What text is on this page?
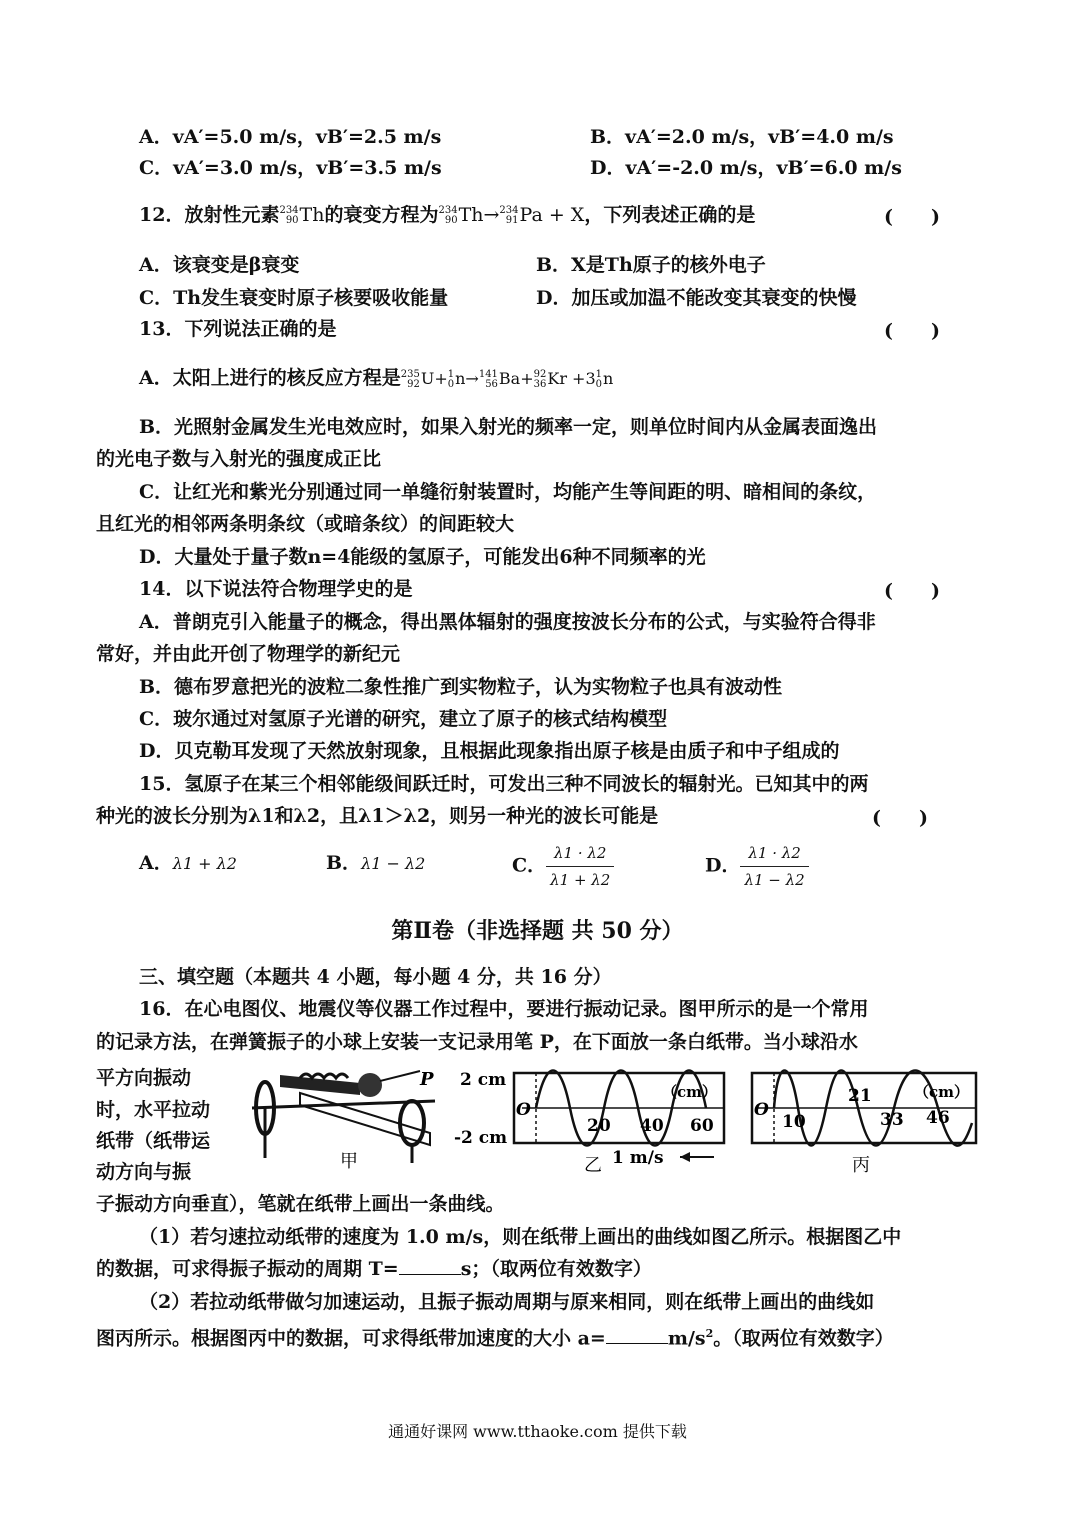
A．vA′=5.0 m/s，vB′=2.5 m/s	B．vA′=2.0 m/s，vB′=4.0 m/s
C．vA′=3.0 m/s，vB′=3.5 m/s	D．vA′=-2.0 m/s，vB′=6.0 m/s
12．放射性元素 234
90 Th的衰变方程为 234
90 Th→ 234
91 Pa + X，下列表述正确的是	(　　)
A．该衰变是β衰变	B．X是Th原子的核外电子
C．Th发生衰变时原子核要吸收能量	D．加压或加温不能改变其衰变的快慢
13．下列说法正确的是	(　　)
A．太阳上进行的核反应方程是 235
92 U+ 1
0 n→ 141
56 Ba+ 92
36 Kr +3 1
0 n
B．光照射金属发生光电效应时，如果入射光的频率一定，则单位时间内从金属表面逸出
的光电子数与入射光的强度成正比
C．让红光和紫光分别通过同一单缝衍射装置时，均能产生等间距的明、暗相间的条纹，
且红光的相邻两条明条纹（或暗条纹）的间距较大
D．大量处于量子数n=4能级的氢原子，可能发出6种不同频率的光
14．以下说法符合物理学史的是	(　　)
A．普朗克引入能量子的概念，得出黑体辐射的强度按波长分布的公式，与实验符合得非
常好，并由此开创了物理学的新纪元
B．德布罗意把光的波粒二象性推广到实物粒子，认为实物粒子也具有波动性
C．玻尔通过对氢原子光谱的研究，建立了原子的核式结构模型
D．贝克勒耳发现了天然放射现象，且根据此现象指出原子核是由质子和中子组成的
15．氢原子在某三个相邻能级间跃迁时，可发出三种不同波长的辐射光。已知其中的两
种光的波长分别为λ1和λ2，且λ1＞λ2，则另一种光的波长可能是	(　　)
A．λ1 + λ2	B．λ1 − λ2	C． $\frac{\lambda 1 \cdot \lambda 2}{\lambda 1 + \lambda 2}$	D． $\frac{\lambda 1 \cdot \lambda 2}{\lambda 1 - \lambda 2}$
第Ⅱ卷（非选择题 共 50 分）
三、填空题（本题共 4 小题，每小题 4 分，共 16 分）
16．在心电图仪、地震仪等仪器工作过程中，要进行振动记录。图甲所示的是一个常用
的记录方法，在弹簧振子的小球上安装一支记录用笔 P，在下面放一条白纸带。当小球沿水
平方向振动
时，水平拉动
纸带（纸带运
动方向与振
子振动方向垂直），笔就在纸带上画出一条曲线。
甲
P 2 cm
-2 cm
O
（cm）
20 40 60
乙 1 m/s
O
（cm）
10
21
33 46
丙
（1）若匀速拉动纸带的速度为 1.0 m/s，则在纸带上画出的曲线如图乙所示。根据图乙中
的数据，可求得振子振动的周期 T=	s；（取两位有效数字）
（2）若拉动纸带做匀加速运动，且振子振动周期与原来相同，则在纸带上画出的曲线如
图丙所示。根据图丙中的数据，可求得纸带加速度的大小 a=	$m/s^2$。（取两位有效数字）
通通好课网 www.tthaoke.com 提供下载
